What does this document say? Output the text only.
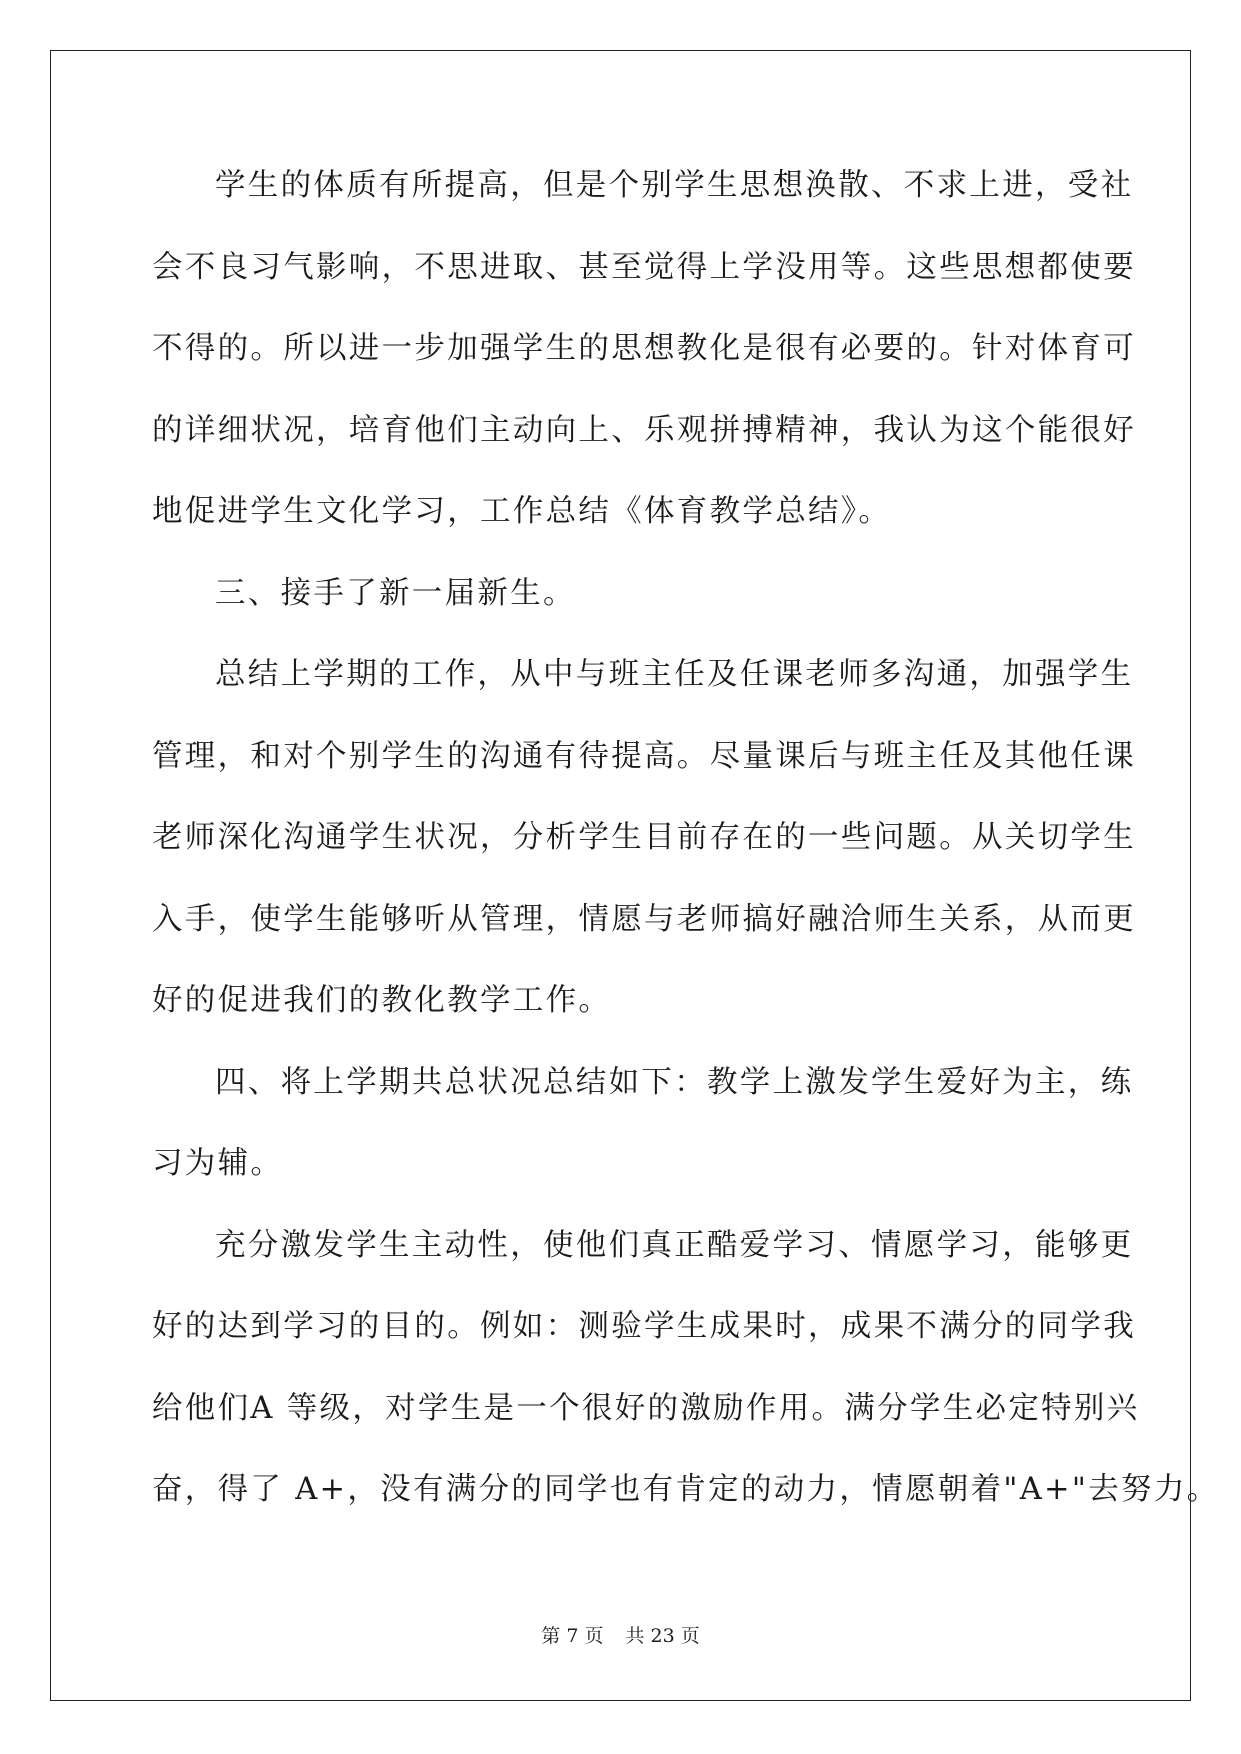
学生的体质有所提高，但是个别学生思想涣散、不求上进，受社
会不良习气影响，不思进取、甚至觉得上学没用等。这些思想都使要
不得的。所以进一步加强学生的思想教化是很有必要的。针对体育可
的详细状况，培育他们主动向上、乐观拼搏精神，我认为这个能很好
地促进学生文化学习，工作总结《体育教学总结》。
三、接手了新一届新生。
总结上学期的工作，从中与班主任及任课老师多沟通，加强学生
管理，和对个别学生的沟通有待提高。尽量课后与班主任及其他任课
老师深化沟通学生状况，分析学生目前存在的一些问题。从关切学生
入手，使学生能够听从管理，情愿与老师搞好融洽师生关系，从而更
好的促进我们的教化教学工作。
四、将上学期共总状况总结如下：教学上激发学生爱好为主，练
习为辅。
充分激发学生主动性，使他们真正酷爱学习、情愿学习，能够更
好的达到学习的目的。例如：测验学生成果时，成果不满分的同学我
给他们A 等级，对学生是一个很好的激励作用。满分学生必定特别兴
奋，得了 A+，没有满分的同学也有肯定的动力，情愿朝着"A+"去努力。
第 7 页 共 23 页
